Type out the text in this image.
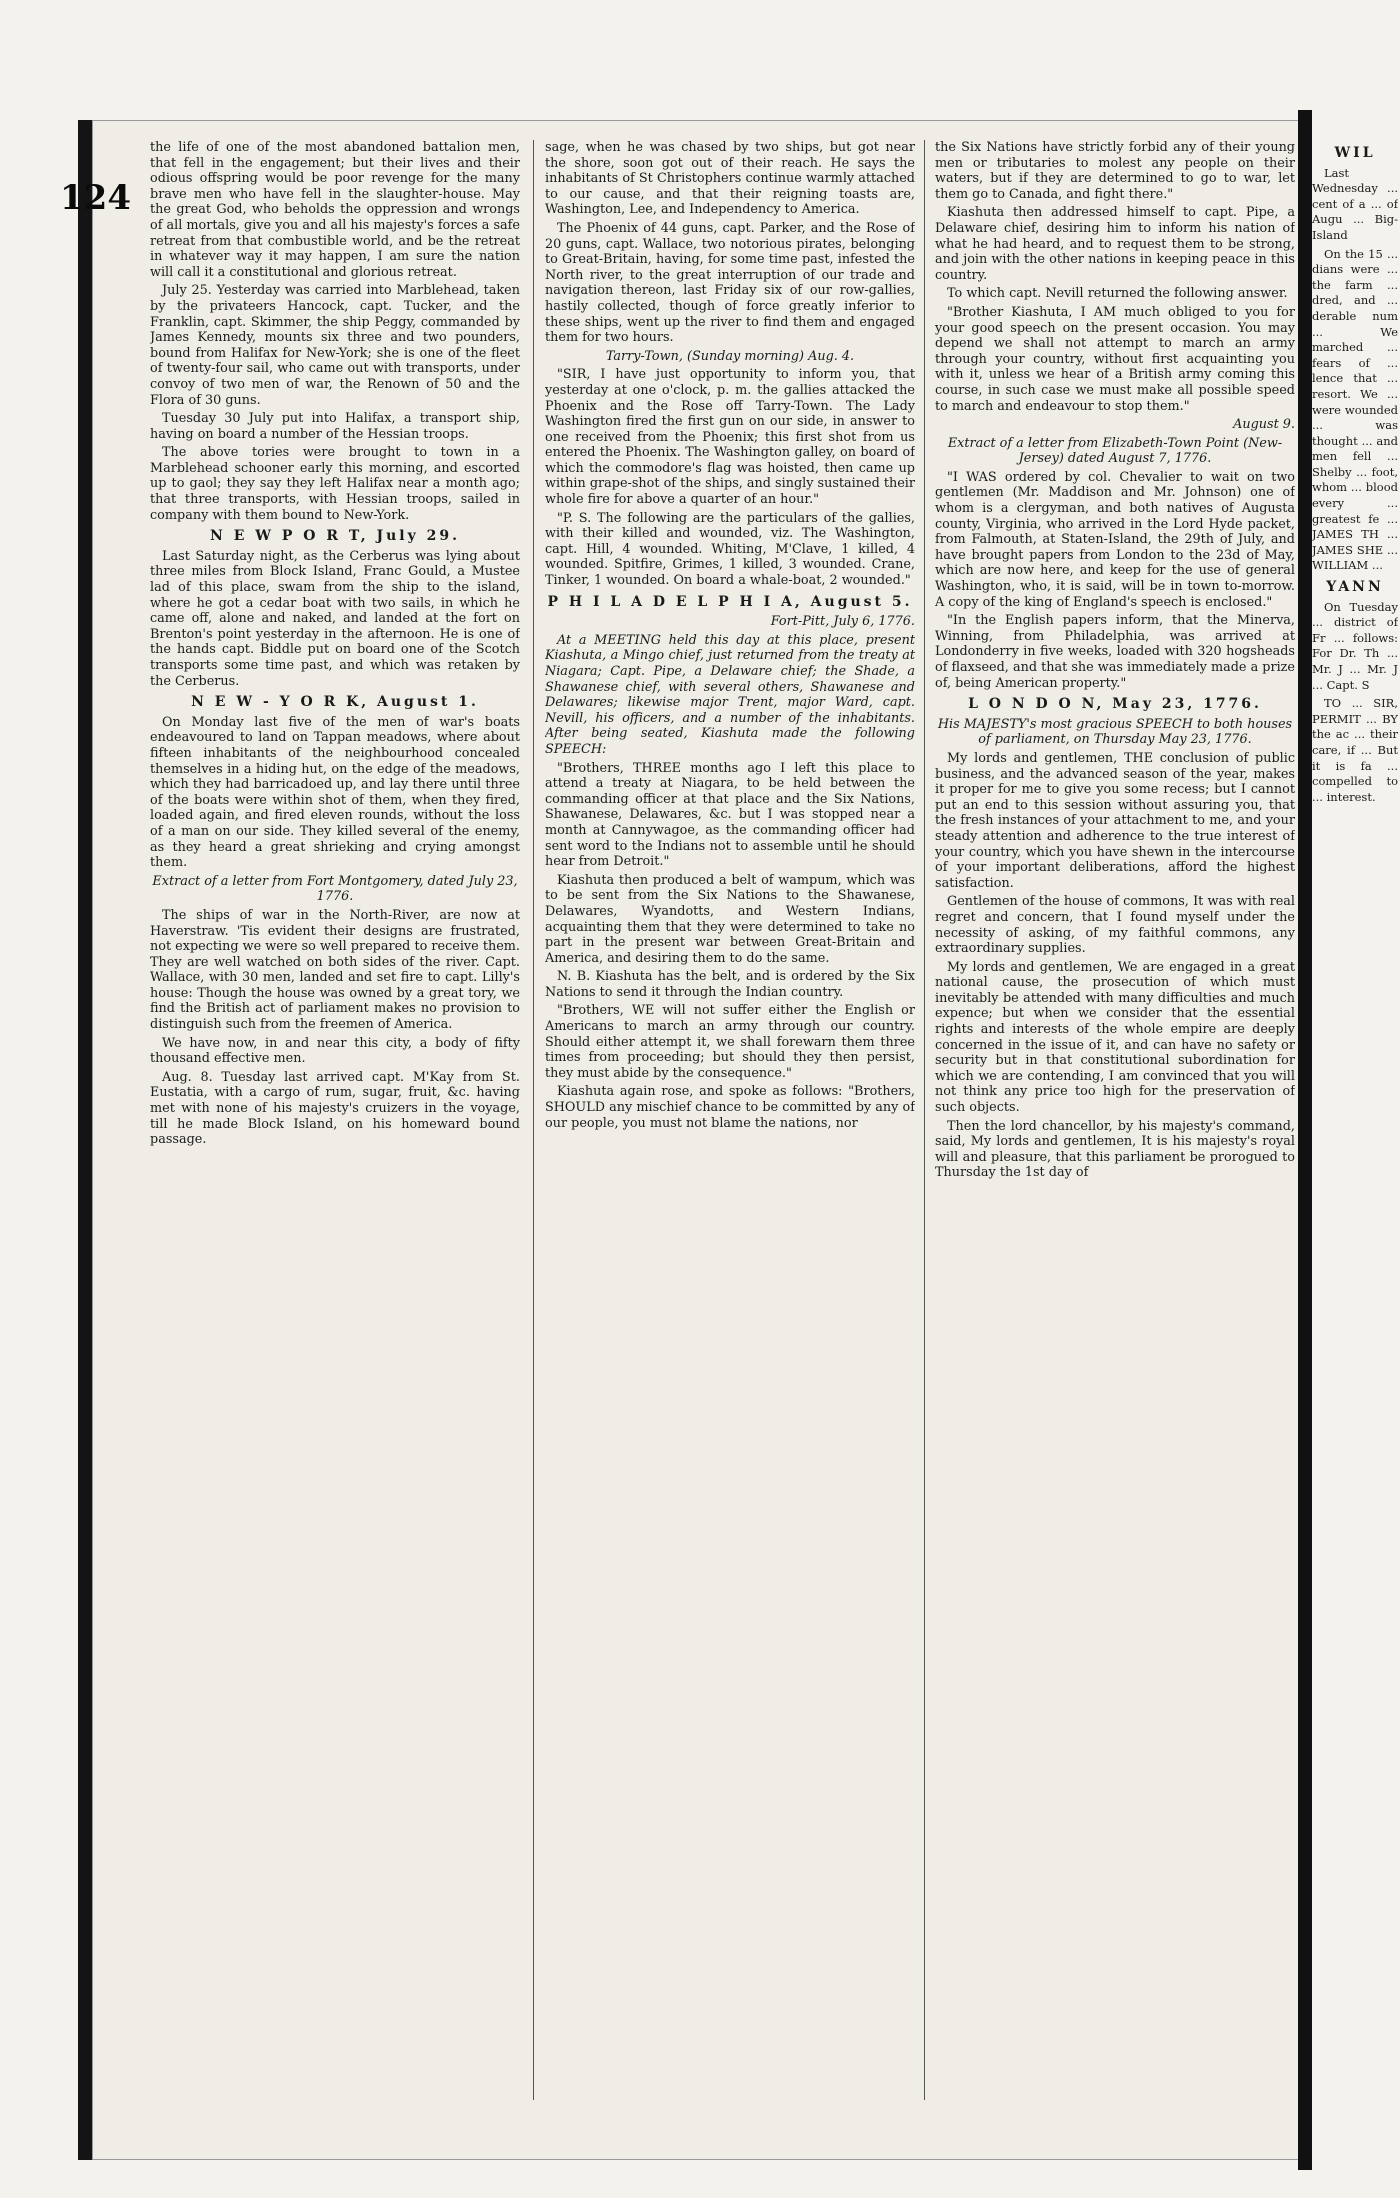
124

the life of one of the most abandoned battalion men, that fell in the engagement; but their lives and their odious offspring would be poor revenge for the many brave men who have fell in the slaughter-house. May the great God, who beholds the oppression and wrongs of all mortals, give you and all his majesty's forces a safe retreat from that combustible world, and be the retreat in whatever way it may happen, I am sure the nation will call it a constitutional and glorious retreat.

July 25. Yesterday was carried into Marblehead, taken by the privateers Hancock, capt. Tucker, and the Franklin, capt. Skimmer, the ship Peggy, commanded by James Kennedy, mounts six three and two pounders, bound from Halifax for New-York; she is one of the fleet of twenty-four sail, who came out with transports, under convoy of two men of war, the Renown of 50 and the Flora of 30 guns.

Tuesday 30 July put into Halifax, a transport ship, having on board a number of the Hessian troops.

The above tories were brought to town in a Marblehead schooner early this morning, and escorted up to gaol; they say they left Halifax near a month ago; that three transports, with Hessian troops, sailed in company with them bound to New-York.

N E W P O R T, July 29.

Last Saturday night, as the Cerberus was lying about three miles from Block Island, Franc Gould, a Mustee lad of this place, swam from the ship to the island, where he got a cedar boat with two sails, in which he came off, alone and naked, and landed at the fort on Brenton's point yesterday in the afternoon. He is one of the hands capt. Biddle put on board one of the Scotch transports some time past, and which was retaken by the Cerberus.

N E W - Y O R K, August 1.

On Monday last five of the men of war's boats endeavoured to land on Tappan meadows, where about fifteen inhabitants of the neighbourhood concealed themselves in a hiding hut, on the edge of the meadows, which they had barricadoed up, and lay there until three of the boats were within shot of them, when they fired, loaded again, and fired eleven rounds, without the loss of a man on our side. They killed several of the enemy, as they heard a great shrieking and crying amongst them.

Extract of a letter from Fort Montgomery, dated July 23, 1776.

The ships of war in the North-River, are now at Haverstraw. 'Tis evident their designs are frustrated, not expecting we were so well prepared to receive them. They are well watched on both sides of the river. Capt. Wallace, with 30 men, landed and set fire to capt. Lilly's house: Though the house was owned by a great tory, we find the British act of parliament makes no provision to distinguish such from the freemen of America.

We have now, in and near this city, a body of fifty thousand effective men.

Aug. 8. Tuesday last arrived capt. M'Kay from St. Eustatia, with a cargo of rum, sugar, fruit, &c. having met with none of his majesty's cruizers in the voyage, till he made Block Island, on his homeward bound passage.

sage, when he was chased by two ships, but got near the shore, soon got out of their reach. He says the inhabitants of St Christophers continue warmly attached to our cause, and that their reigning toasts are, Washington, Lee, and Independency to America.

The Phoenix of 44 guns, capt. Parker, and the Rose of 20 guns, capt. Wallace, two notorious pirates, belonging to Great-Britain, having, for some time past, infested the North river, to the great interruption of our trade and navigation thereon, last Friday six of our row-gallies, hastily collected, though of force greatly inferior to these ships, went up the river to find them and engaged them for two hours.

Tarry-Town, (Sunday morning) Aug. 4.

"SIR, I have just opportunity to inform you, that yesterday at one o'clock, p. m. the gallies attacked the Phoenix and the Rose off Tarry-Town. The Lady Washington fired the first gun on our side, in answer to one received from the Phoenix; this first shot from us entered the Phoenix. The Washington galley, on board of which the commodore's flag was hoisted, then came up within grape-shot of the ships, and singly sustained their whole fire for above a quarter of an hour."

"P. S. The following are the particulars of the gallies, with their killed and wounded, viz. The Washington, capt. Hill, 4 wounded. Whiting, M'Clave, 1 killed, 4 wounded. Spitfire, Grimes, 1 killed, 3 wounded. Crane, Tinker, 1 wounded. On board a whale-boat, 2 wounded."

P H I L A D E L P H I A, August 5.
Fort-Pitt, July 6, 1776.

At a MEETING held this day at this place, present Kiashuta, a Mingo chief, just returned from the treaty at Niagara; Capt. Pipe, a Delaware chief; the Shade, a Shawanese chief, with several others, Shawanese and Delawares; likewise major Trent, major Ward, capt. Nevill, his officers, and a number of the inhabitants. After being seated, Kiashuta made the following SPEECH:

"Brothers, THREE months ago I left this place to attend a treaty at Niagara, to be held between the commanding officer at that place and the Six Nations, Shawanese, Delawares, &c. but I was stopped near a month at Cannywagoe, as the commanding officer had sent word to the Indians not to assemble until he should hear from Detroit."

Kiashuta then produced a belt of wampum, which was to be sent from the Six Nations to the Shawanese, Delawares, Wyandotts, and Western Indians, acquainting them that they were determined to take no part in the present war between Great-Britain and America, and desiring them to do the same.

N. B. Kiashuta has the belt, and is ordered by the Six Nations to send it through the Indian country.

"Brothers, WE will not suffer either the English or Americans to march an army through our country. Should either attempt it, we shall forewarn them three times from proceeding; but should they then persist, they must abide by the consequence."

Kiashuta again rose, and spoke as follows: "Brothers, SHOULD any mischief chance to be committed by any of our people, you must not blame the nations, nor

the Six Nations have strictly forbid any of their young men or tributaries to molest any people on their waters, but if they are determined to go to war, let them go to Canada, and fight there."

Kiashuta then addressed himself to capt. Pipe, a Delaware chief, desiring him to inform his nation of what he had heard, and to request them to be strong, and join with the other nations in keeping peace in this country.

To which capt. Nevill returned the following answer.

"Brother Kiashuta, I AM much obliged to you for your good speech on the present occasion. You may depend we shall not attempt to march an army through your country, without first acquainting you with it, unless we hear of a British army coming this course, in such case we must make all possible speed to march and endeavour to stop them."

August 9.
Extract of a letter from Elizabeth-Town Point (New-Jersey) dated August 7, 1776.

"I WAS ordered by col. Chevalier to wait on two gentlemen (Mr. Maddison and Mr. Johnson) one of whom is a clergyman, and both natives of Augusta county, Virginia, who arrived in the Lord Hyde packet, from Falmouth, at Staten-Island, the 29th of July, and have brought papers from London to the 23d of May, which are now here, and keep for the use of general Washington, who, it is said, will be in town to-morrow. A copy of the king of England's speech is enclosed."

"In the English papers inform, that the Minerva, Winning, from Philadelphia, was arrived at Londonderry in five weeks, loaded with 320 hogsheads of flaxseed, and that she was immediately made a prize of, being American property."

L O N D O N, May 23, 1776.
His MAJESTY's most gracious SPEECH to both houses of parliament, on Thursday May 23, 1776.

My lords and gentlemen, THE conclusion of public business, and the advanced season of the year, makes it proper for me to give you some recess; but I cannot put an end to this session without assuring you, that the fresh instances of your attachment to me, and your steady attention and adherence to the true interest of your country, which you have shewn in the intercourse of your important deliberations, afford the highest satisfaction.

Gentlemen of the house of commons, It was with real regret and concern, that I found myself under the necessity of asking, of my faithful commons, any extraordinary supplies.

My lords and gentlemen, We are engaged in a great national cause, the prosecution of which must inevitably be attended with many difficulties and much expence; but when we consider that the essential rights and interests of the whole empire are deeply concerned in the issue of it, and can have no safety or security but in that constitutional subordination for which we are contending, I am convinced that you will not think any price too high for the preservation of such objects.

Then the lord chancellor, by his majesty's command, said, My lords and gentlemen, It is his majesty's royal will and pleasure, that this parliament be prorogued to Thursday the 1st day of

WIL

Last Wednesday ... cent of a ... of Augu ... Big-Island

On the 15 ... dians were ... the farm ... dred, and ... derable num ... We marched ... fears of ... lence that ... resort. We ... were wounded ... was thought ... and men fell ... Shelby ... foot, whom ... blood every ... greatest fe ... JAMES TH ... JAMES SHE ... WILLIAM ...

YANN

On Tuesday ... district of Fr ... follows: For Dr. Th ... Mr. J ... Mr. J ... Capt. S

TO ... SIR, PERMIT ... BY the ac ... their care, if ... But it is fa ... compelled to ... interest.
